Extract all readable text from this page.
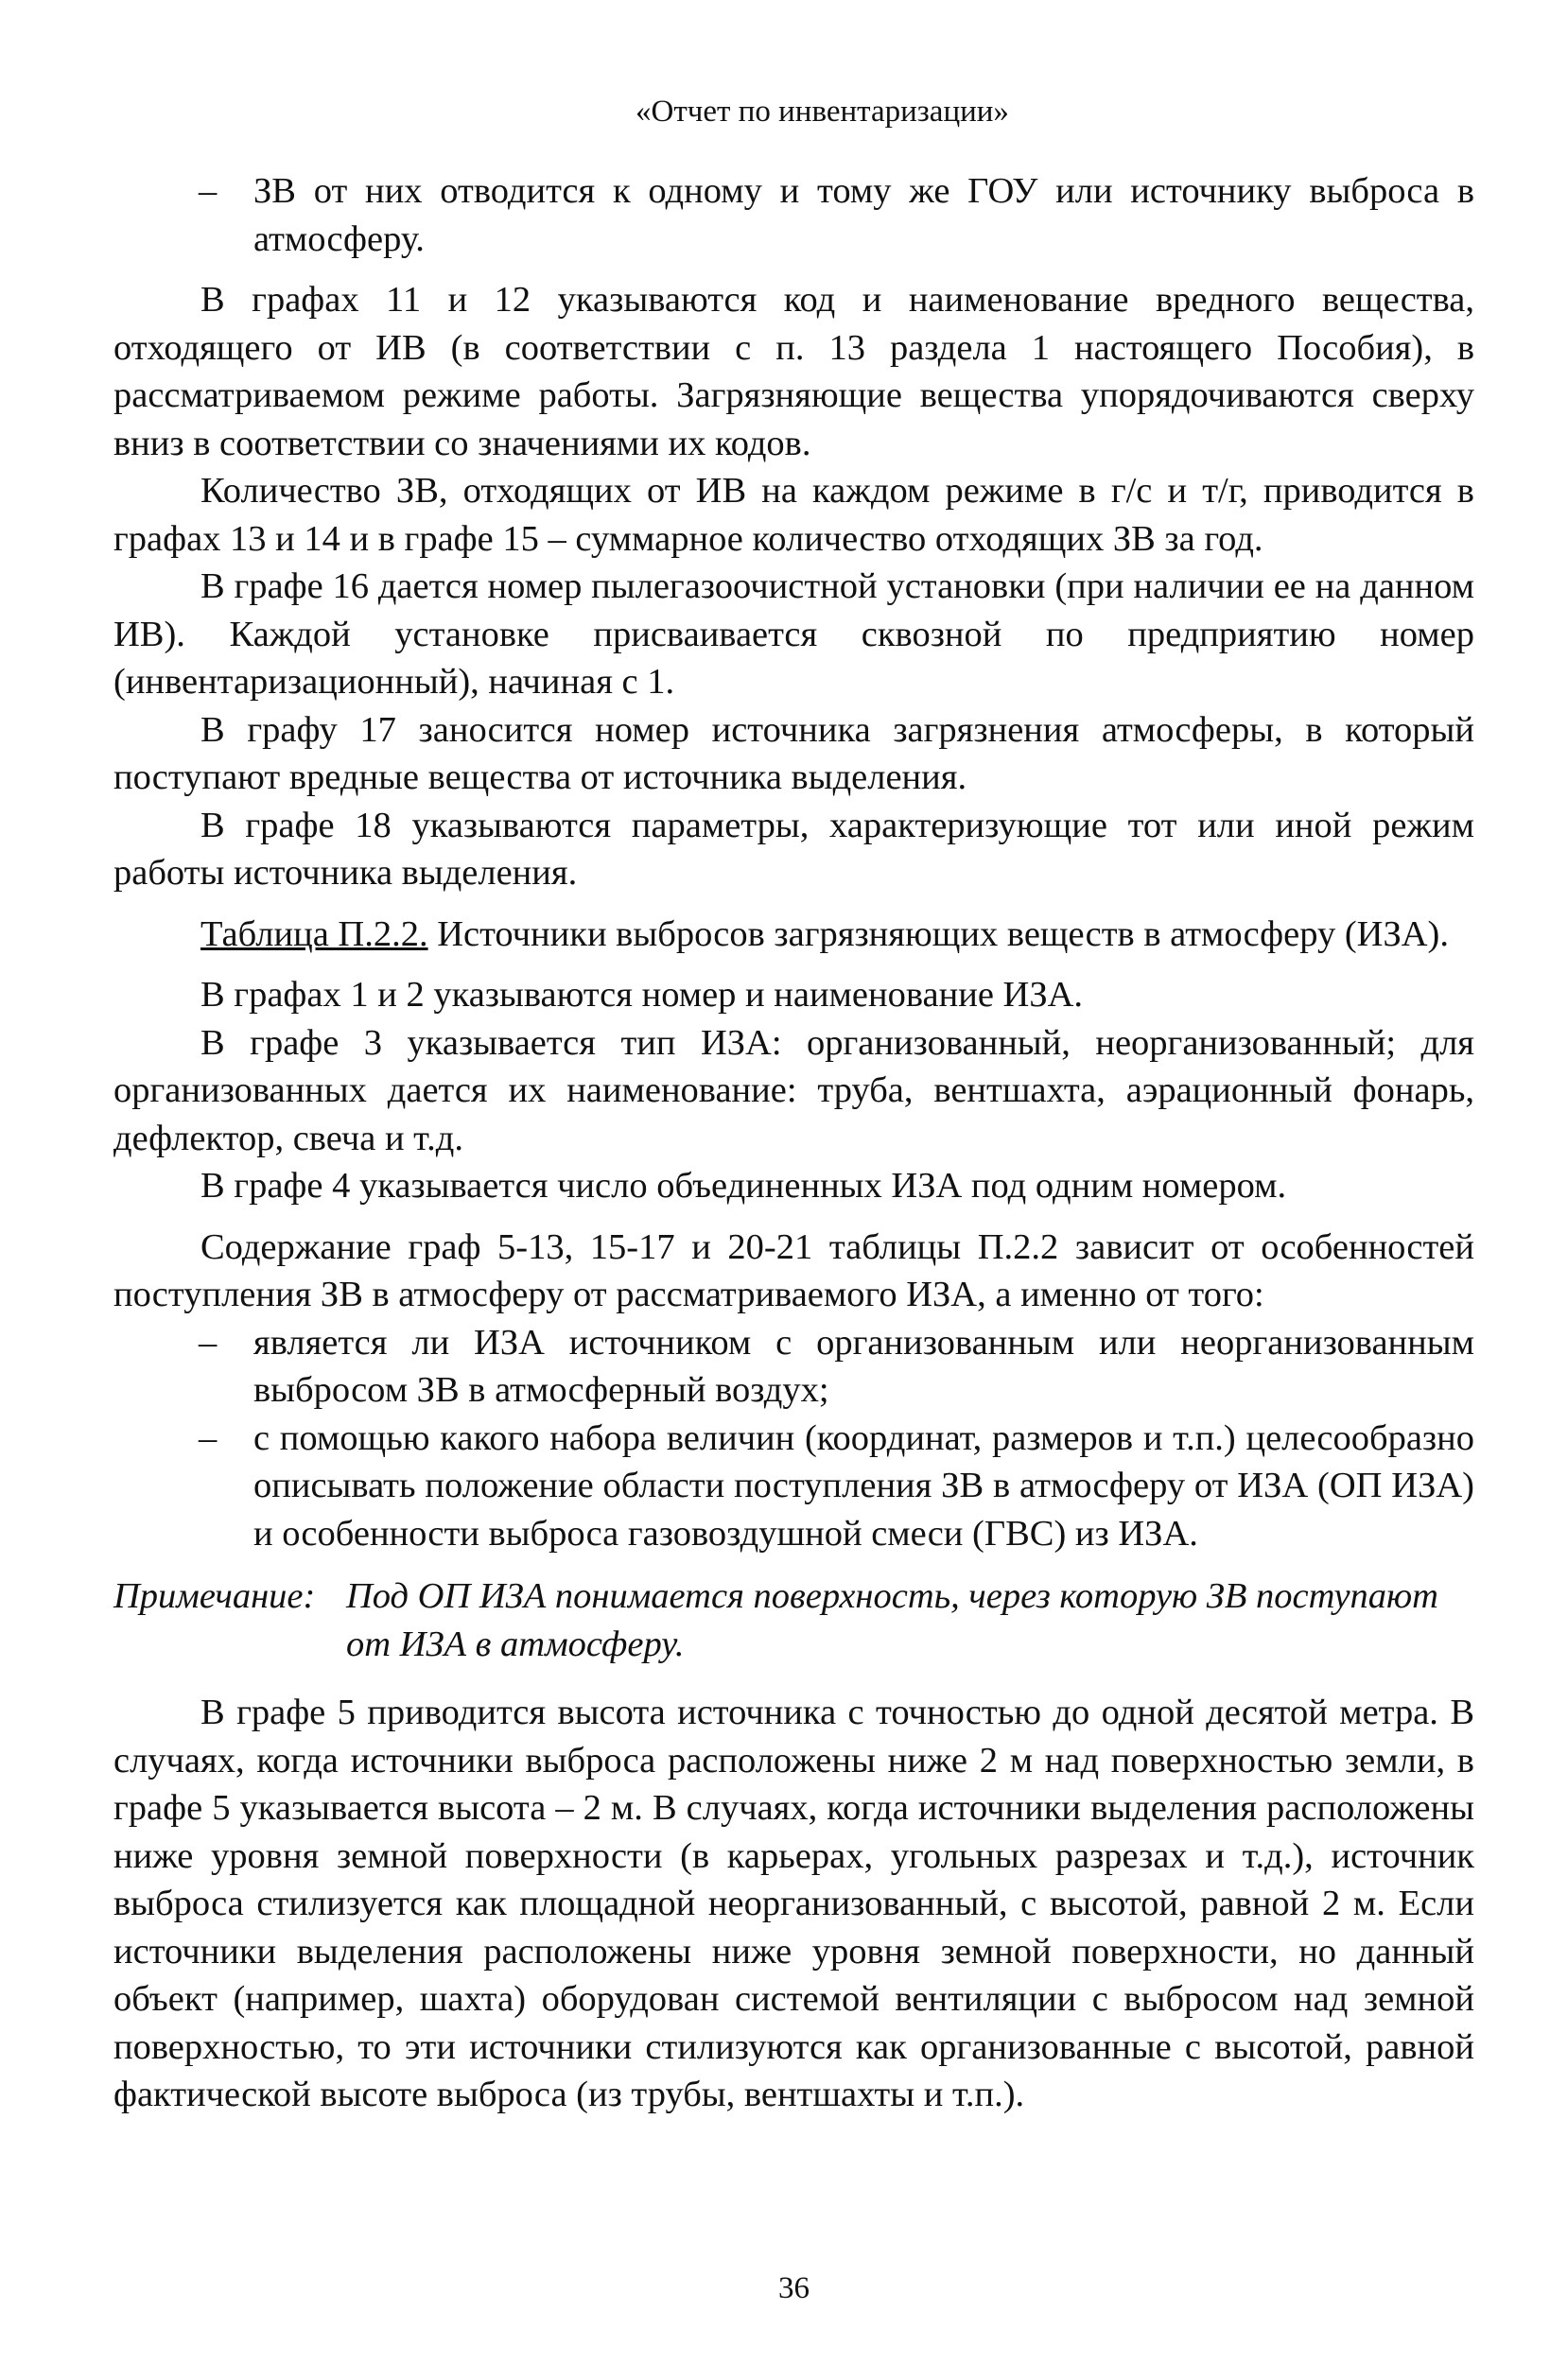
«Отчет по инвентаризации»

– ЗВ от них отводится к одному и тому же ГОУ или источнику выброса в атмосферу.

В графах 11 и 12 указываются код и наименование вредного вещества, отходящего от ИВ (в соответствии с п. 13 раздела 1 настоящего Пособия), в рассматриваемом режиме работы. Загрязняющие вещества упорядочиваются сверху вниз в соответствии со значениями их кодов.

Количество ЗВ, отходящих от ИВ на каждом режиме в г/с и т/г, приводится в графах 13 и 14 и в графе 15 – суммарное количество отходящих ЗВ за год.

В графе 16 дается номер пылегазоочистной установки (при наличии ее на данном ИВ). Каждой установке присваивается сквозной по предприятию номер (инвентаризационный), начиная с 1.

В графу 17 заносится номер источника загрязнения атмосферы, в который поступают вредные вещества от источника выделения.

В графе 18 указываются параметры, характеризующие тот или иной режим работы источника выделения.

Таблица П.2.2. Источники выбросов загрязняющих веществ в атмосферу (ИЗА).

В графах 1 и 2 указываются номер и наименование ИЗА.

В графе 3 указывается тип ИЗА: организованный, неорганизованный; для организованных дается их наименование: труба, вентшахта, аэрационный фонарь, дефлектор, свеча и т.д.

В графе 4 указывается число объединенных ИЗА под одним номером.

Содержание граф 5-13, 15-17 и 20-21 таблицы П.2.2 зависит от особенностей поступления ЗВ в атмосферу от рассматриваемого ИЗА, а именно от того:

– является ли ИЗА источником с организованным или неорганизованным выбросом ЗВ в атмосферный воздух;

– с помощью какого набора величин (координат, размеров и т.п.) целесообразно описывать положение области поступления ЗВ в атмосферу от ИЗА (ОП ИЗА) и особенности выброса газовоздушной смеси (ГВС) из ИЗА.

Примечание: Под ОП ИЗА понимается поверхность, через которую ЗВ поступают от ИЗА в атмосферу.

В графе 5 приводится высота источника с точностью до одной десятой метра. В случаях, когда источники выброса расположены ниже 2 м над поверхностью земли, в графе 5 указывается высота – 2 м. В случаях, когда источники выделения расположены ниже уровня земной поверхности (в карьерах, угольных разрезах и т.д.), источник выброса стилизуется как площадной неорганизованный, с высотой, равной 2 м. Если источники выделения расположены ниже уровня земной поверхности, но данный объект (например, шахта) оборудован системой вентиляции с выбросом над земной поверхностью, то эти источники стилизуются как организованные с высотой, равной фактической высоте выброса (из трубы, вентшахты и т.п.).

36
